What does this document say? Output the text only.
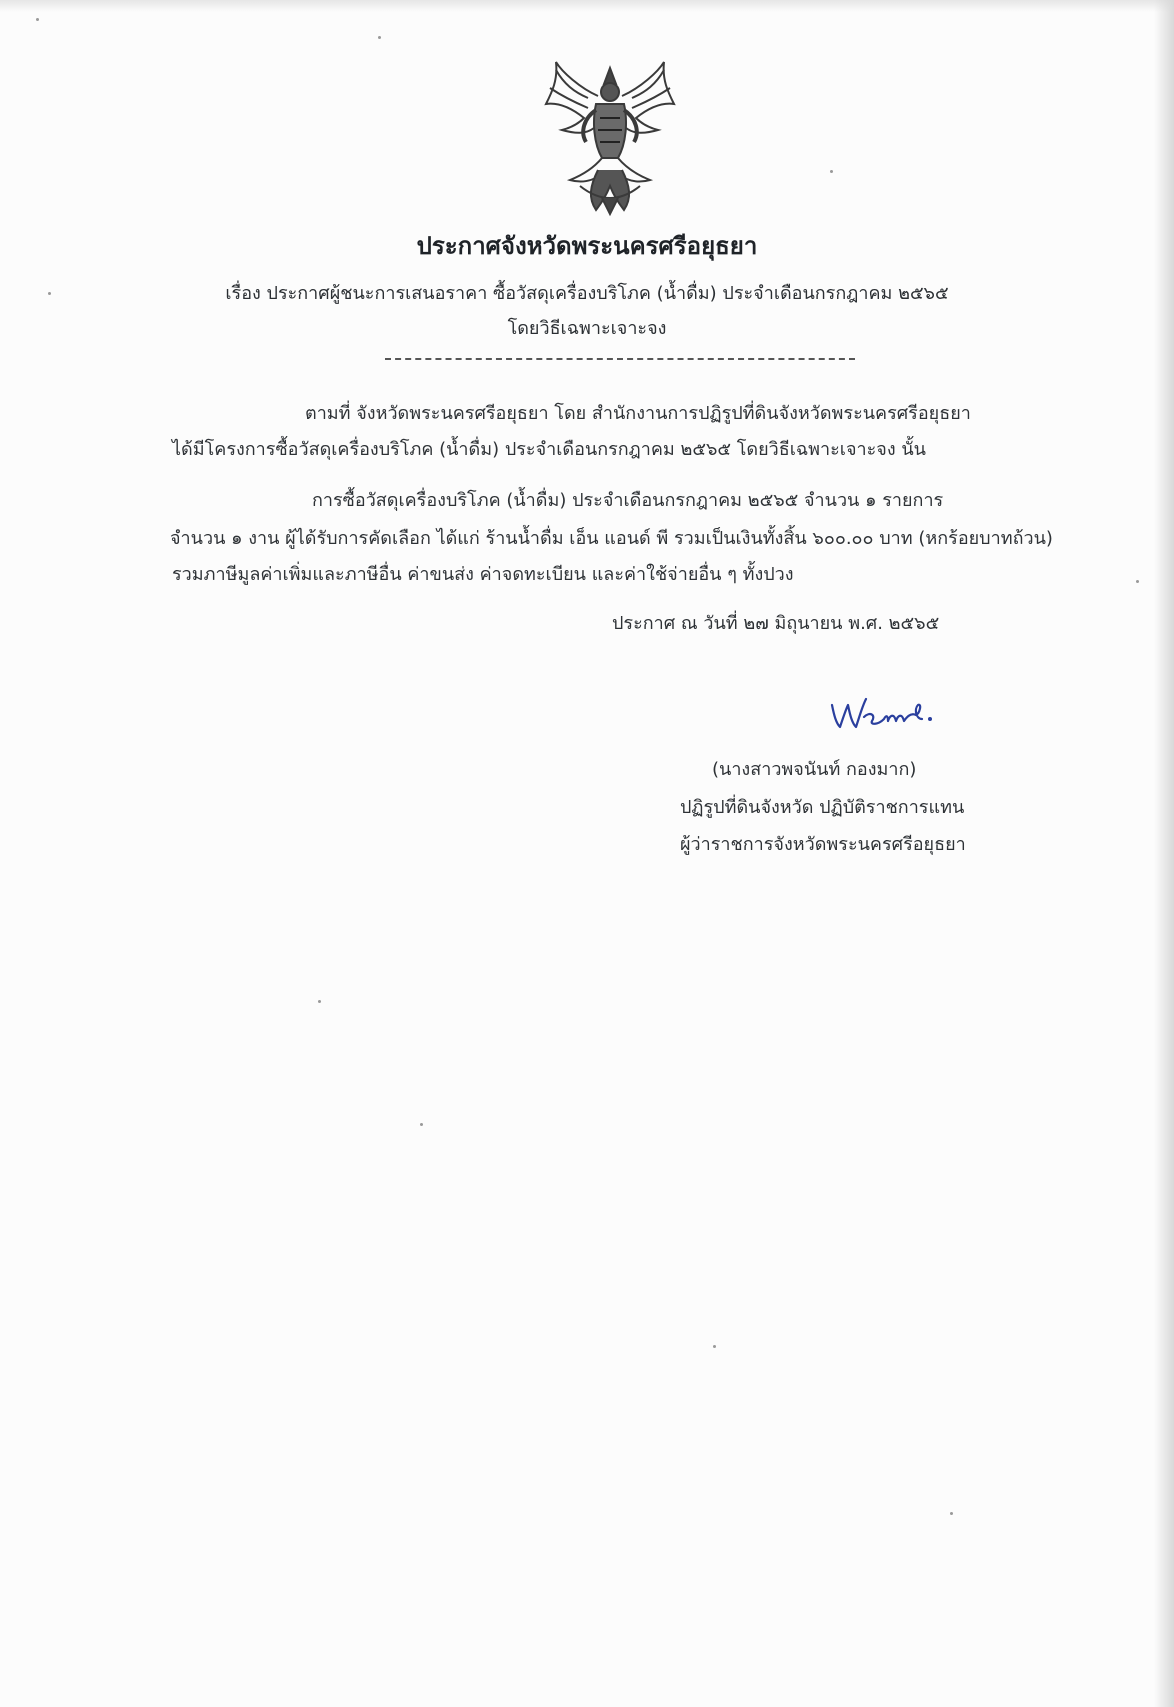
ประกาศจังหวัดพระนครศรีอยุธยา
เรื่อง ประกาศผู้ชนะการเสนอราคา ซื้อวัสดุเครื่องบริโภค (น้ำดื่ม) ประจำเดือนกรกฎาคม ๒๕๖๕
โดยวิธีเฉพาะเจาะจง
ตามที่ จังหวัดพระนครศรีอยุธยา โดย สำนักงานการปฏิรูปที่ดินจังหวัดพระนครศรีอยุธยา
ได้มีโครงการซื้อวัสดุเครื่องบริโภค (น้ำดื่ม) ประจำเดือนกรกฎาคม ๒๕๖๕ โดยวิธีเฉพาะเจาะจง นั้น
การซื้อวัสดุเครื่องบริโภค (น้ำดื่ม) ประจำเดือนกรกฎาคม ๒๕๖๕ จำนวน ๑ รายการ
จำนวน ๑ งาน ผู้ได้รับการคัดเลือก ได้แก่ ร้านน้ำดื่ม เอ็น แอนด์ พี รวมเป็นเงินทั้งสิ้น ๖๐๐.๐๐ บาท (หกร้อยบาทถ้วน)
รวมภาษีมูลค่าเพิ่มและภาษีอื่น ค่าขนส่ง ค่าจดทะเบียน และค่าใช้จ่ายอื่น ๆ ทั้งปวง
ประกาศ ณ วันที่ ๒๗ มิถุนายน พ.ศ. ๒๕๖๕
(นางสาวพจนันท์ กองมาก)
ปฏิรูปที่ดินจังหวัด ปฏิบัติราชการแทน
ผู้ว่าราชการจังหวัดพระนครศรีอยุธยา
